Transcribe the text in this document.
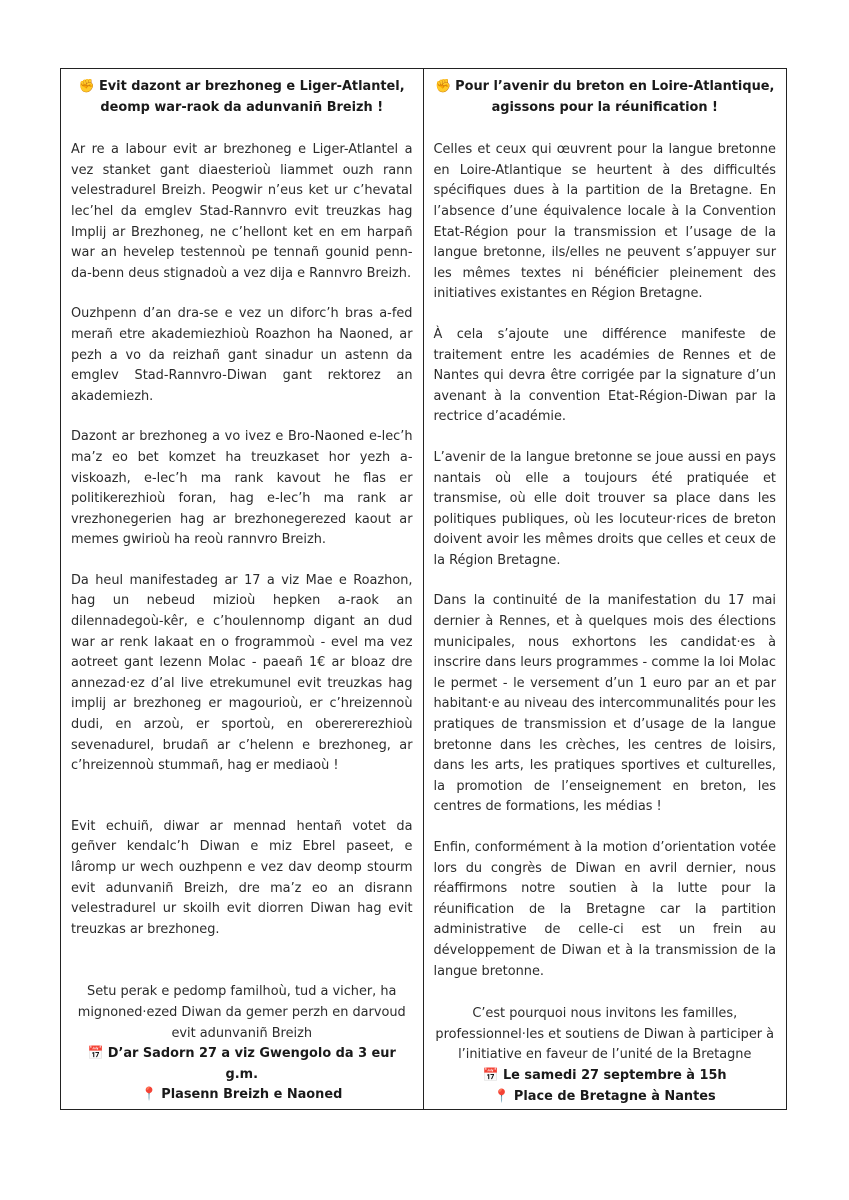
✊ Evit dazont ar brezhoneg e Liger-Atlantel,
deomp war-raok da adunvaniñ Breizh !

Ar re a labour evit ar brezhoneg e Liger-Atlantel a vez stanket gant diaesterioù liammet ouzh rann velestradurel Breizh. Peogwir n’eus ket ur c’hevatal lec’hel da emglev Stad-Rannvro evit treuzkas hag Implij ar Brezhoneg, ne c’hellont ket en em harpañ war an hevelep testennoù pe tennañ gounid penn-da-benn deus stignadoù a vez dija e Rannvro Breizh.

Ouzhpenn d’an dra-se e vez un diforc’h bras a-fed merañ etre akademiezhioù Roazhon ha Naoned, ar pezh a vo da reizhañ gant sinadur un astenn da emglev Stad-Rannvro-Diwan gant rektorez an akademiezh.

Dazont ar brezhoneg a vo ivez e Bro-Naoned e-lec’h ma’z eo bet komzet ha treuzkaset hor yezh a-viskoazh, e-lec’h ma rank kavout he flas er politikerezhioù foran, hag e-lec’h ma rank ar vrezhonegerien hag ar brezhonegerezed kaout ar memes gwirioù ha reoù rannvro Breizh.

Da heul manifestadeg ar 17 a viz Mae e Roazhon, hag un nebeud miziоù hepken a-raok an dilennadegoù-kêr, e c’houlennomp digant an dud war ar renk lakaat en o frogrammoù - evel ma vez aotreet gant lezenn Molac - paeañ 1€ ar bloaz dre annezad·ez d’al live etrekumunel evit treuzkas hag implij ar brezhoneg er magouriоù, er c’hreizennoù dudi, en arzoù, er sportoù, en oberererezhioù sevenadurel, brudañ ar c’helenn e brezhoneg, ar c’hreizennoù stummañ, hag er mediaoù !

Evit echuiñ, diwar ar mennad hentañ votet da geñver kendalc’h Diwan e miz Ebrel paseet, e lâromp ur wech ouzhpenn e vez dav deomp stourm evit adunvaniñ Breizh, dre ma’z eo an disrann velestradurel ur skoilh evit diorren Diwan hag evit treuzkas ar brezhoneg.

Setu perak e pedomp familhoù, tud a vicher, ha
mignoned·ezed Diwan da gemer perzh en darvoud
evit adunvaniñ Breizh
📅 D’ar Sadorn 27 a viz Gwengolo da 3 eur g.m.
📍 Plasenn Breizh e Naoned
✊ Pour l’avenir du breton en Loire-Atlantique,
agissons pour la réunification !

Celles et ceux qui œuvrent pour la langue bretonne en Loire-Atlantique se heurtent à des difficultés spécifiques dues à la partition de la Bretagne. En l’absence d’une équivalence locale à la Convention Etat-Région pour la transmission et l’usage de la langue bretonne, ils/elles ne peuvent s’appuyer sur les mêmes textes ni bénéficier pleinement des initiatives existantes en Région Bretagne.

À cela s’ajoute une différence manifeste de traitement entre les académies de Rennes et de Nantes qui devra être corrigée par la signature d’un avenant à la convention Etat-Région-Diwan par la rectrice d’académie.

L’avenir de la langue bretonne se joue aussi en pays nantais où elle a toujours été pratiquée et transmise, où elle doit trouver sa place dans les politiques publiques, où les locuteur·rices de breton doivent avoir les mêmes droits que celles et ceux de la Région Bretagne.

Dans la continuité de la manifestation du 17 mai dernier à Rennes, et à quelques mois des élections municipales, nous exhortons les candidat·es à inscrire dans leurs programmes - comme la loi Molac le permet - le versement d’un 1 euro par an et par habitant·e au niveau des intercommunalités pour les pratiques de transmission et d’usage de la langue bretonne dans les crèches, les centres de loisirs, dans les arts, les pratiques sportives et culturelles, la promotion de l’enseignement en breton, les centres de formations, les médias !

Enfin, conformément à la motion d’orientation votée lors du congrès de Diwan en avril dernier, nous réaffirmons notre soutien à la lutte pour la réunification de la Bretagne car la partition administrative de celle-ci est un frein au développement de Diwan et à la transmission de la langue bretonne.

C’est pourquoi nous invitons les familles,
professionnel·les et soutiens de Diwan à participer à
l’initiative en faveur de l’unité de la Bretagne
📅 Le samedi 27 septembre à 15h
📍 Place de Bretagne à Nantes
